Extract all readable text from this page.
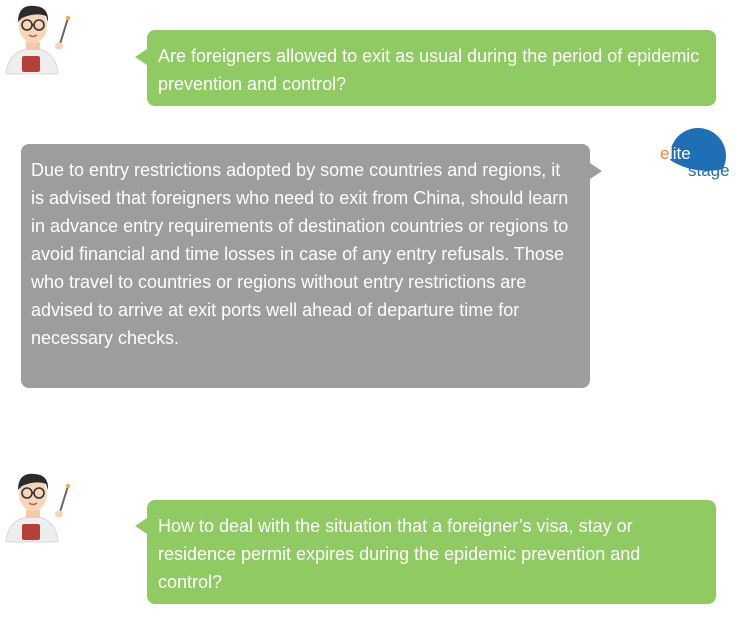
Are foreigners allowed to exit as usual during the period of epidemic prevention and control?
e lite
stage
Due to entry restrictions adopted by some countries and regions, it is advised that foreigners who need to exit from China, should learn in advance entry requirements of destination countries or regions to avoid financial and time losses in case of any entry refusals. Those who travel to countries or regions without entry restrictions are advised to arrive at exit ports well ahead of departure time for necessary checks.
How to deal with the situation that a foreigner’s visa, stay or residence permit expires during the epidemic prevention and control?
